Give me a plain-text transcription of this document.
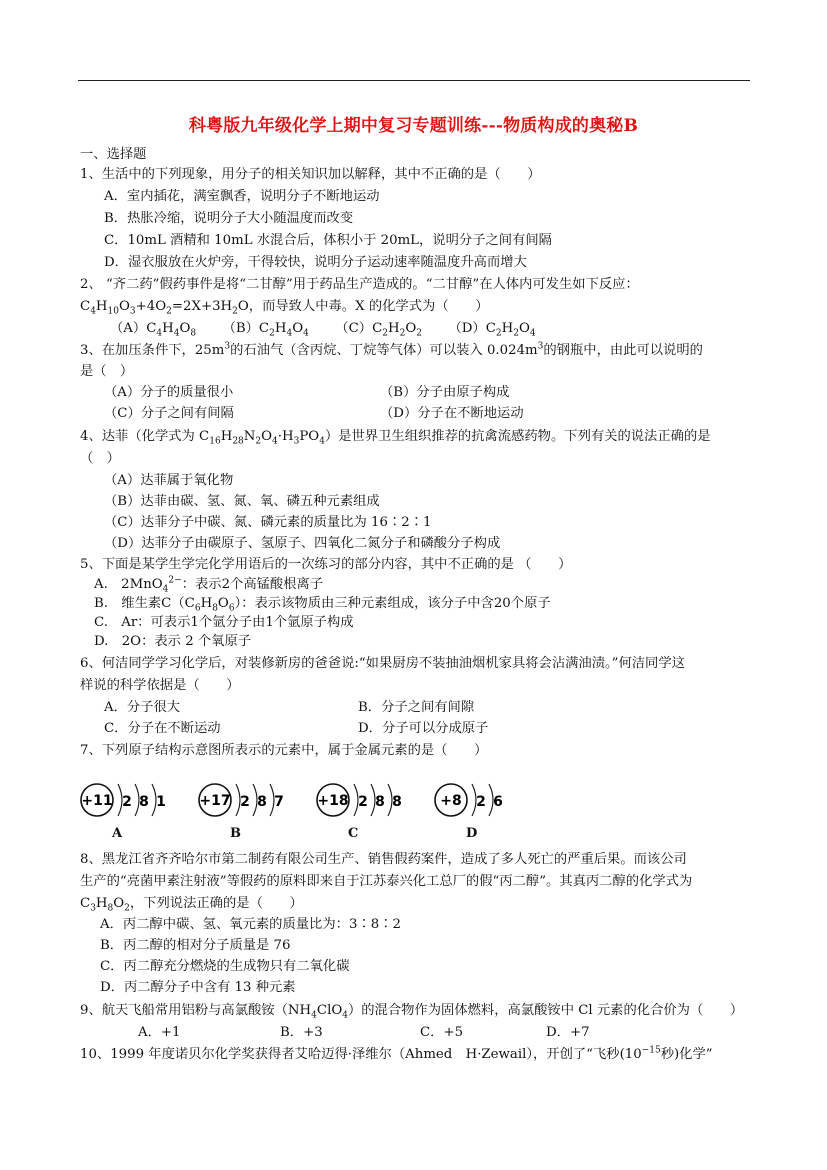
科粤版九年级化学上期中复习专题训练---物质构成的奥秘B
一、选择题
1、生活中的下列现象，用分子的相关知识加以解释，其中不正确的是（　　）
A．室内插花，满室飘香，说明分子不断地运动
B．热胀冷缩，说明分子大小随温度而改变
C．10mL 酒精和 10mL 水混合后，体积小于 20mL，说明分子之间有间隔
D．湿衣服放在火炉旁，干得较快，说明分子运动速率随温度升高而增大
2、 “齐二药”假药事件是将“二甘醇”用于药品生产造成的。“二甘醇”在人体内可发生如下反应：
$C_4H_{10}O_3+4O_2=2X+3H_2O$，而导致人中毒。X 的化学式为（　　）
$(A)C_4H_4O_8$ $(B)C_2H_4O_4$ $(C)C_2H_2O_2$ $(D)C_2H_2O_4$
3、在加压条件下，$25m^3$的石油气（含丙烷、丁烷等气体）可以装入 $0.024m^3$的钢瓶中，由此可以说明的
是（　）
（A）分子的质量很小	（B）分子由原子构成
（C）分子之间有间隔	（D）分子在不断地运动
4、达菲（化学式为 $C_{16}H_{28}N_2O_4\cdot H_3PO_4$）是世界卫生组织推荐的抗禽流感药物。下列有关的说法正确的是
（　）
（A）达菲属于氧化物
（B）达菲由碳、氢、氮、氧、磷五种元素组成
（C）达菲分子中碳、氮、磷元素的质量比为 16∶2∶1
（D）达菲分子由碳原子、氢原子、四氧化二氮分子和磷酸分子构成
5、下面是某学生学完化学用语后的一次练习的部分内容，其中不正确的是 （　　）
A.　2MnO$_4^{2-}$：表示2个高锰酸根离子
B.　维生素$C(C_6H_8O_6)$：表示该物质由三种元素组成，该分子中含20个原子
C.　Ar：可表示1个氩分子由1个氩原子构成
D.　2O：表示 2 个氧原子
6、何洁同学学习化学后，对装修新房的爸爸说:“如果厨房不装抽油烟机家具将会沾满油渍。”何洁同学这
样说的科学依据是（　　）
A．分子很大	B．分子之间有间隙
C．分子在不断运动	D．分子可以分成原子
7、下列原子结构示意图所表示的元素中，属于金属元素的是（　　）
+11 2 8 1
A
+17 2 8 7
B
+18 2 8 8
C
+8 2 6
D
8、黑龙江省齐齐哈尔市第二制药有限公司生产、销售假药案件，造成了多人死亡的严重后果。而该公司
生产的“亮菌甲素注射液”等假药的原料即来自于江苏泰兴化工总厂的假“丙二醇”。其真丙二醇的化学式为
$C_3H_8O_2$，下列说法正确的是（　　）
A．丙二醇中碳、氢、氧元素的质量比为：3∶8∶2
B．丙二醇的相对分子质量是 76
C．丙二醇充分燃烧的生成物只有二氧化碳
D．丙二醇分子中含有 13 种元素
9、航天飞船常用铝粉与高氯酸铵$(NH_4ClO_4)$的混合物作为固体燃料，高氯酸铵中 Cl 元素的化合价为（　　）
A．+1	B．+3	C．+5	D．+7
10、1999 年度诺贝尔化学奖获得者艾哈迈得·泽维尔（Ahmed　H·Zewail），开创了“飞秒($10^{-15}$秒)化学”
